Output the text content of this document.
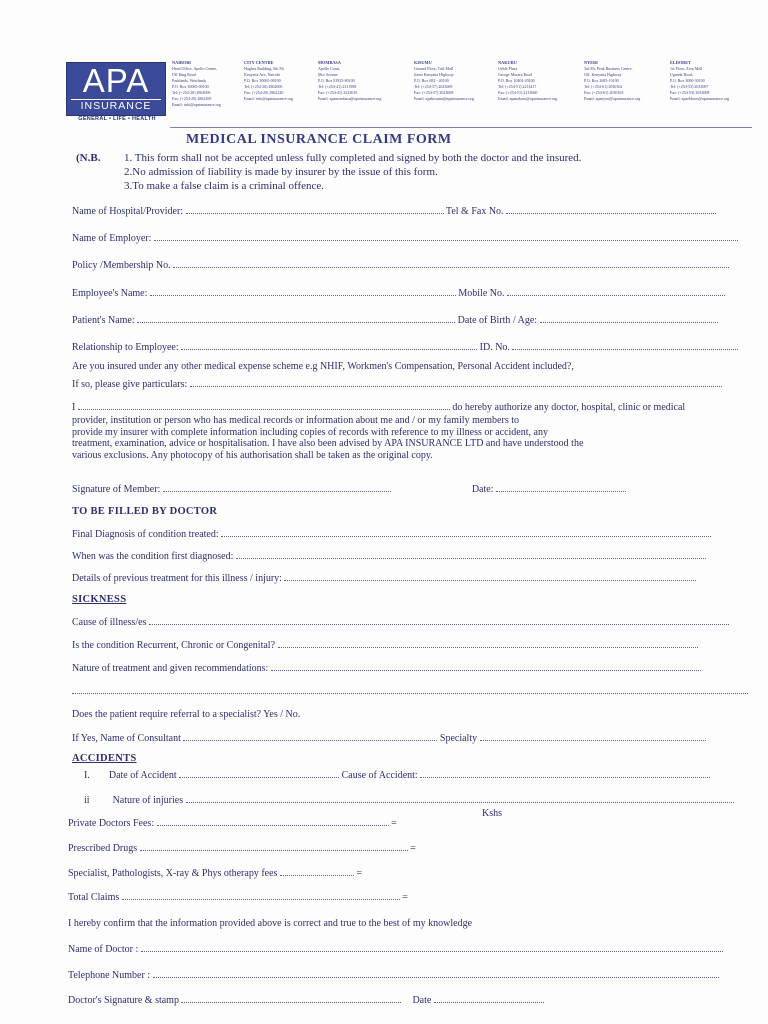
APA
INSURANCE
GENERAL • LIFE • HEALTH
NAIROBI
Head Office, Apollo Centre,
Off Ring Road
Parklands, Westlands
P.O. Box 30065-00100
Tel: (+254-20) 2862000
Fax: (+254-20) 2862200
Email: info@apainsurance.org
CITY CENTRE
Hughes Building, 6th Flr
Kenyatta Ave, Nairobi
P.O. Box 30065-00100
Tel: (+254-20) 2862000
Fax: (+254-20) 2862220
Email: info@apainsurance.org
MOMBASA
Apollo Court,
Moi Avenue
P.O. Box 81825-80100
Tel: (+254-41) 2311908
Fax: (+254-41) 2223016
Email: apamombasa@apainsurance.org
KISUMU
Ground Floor, Tuff Mall
Jomo Kenyatta Highway
P.O. Box 682 - 40100
Tel: (+254-57) 2023069
Fax: (+254-57) 2023068
Email: apakisumu@apainsurance.org
NAKURU
Oeble Plaza
George Morara Road
P.O. Box 10404-20100
Tel: (+254-51) 2213417
Fax: (+254-51) 2213660
Email: apanakuru@apainsurance.org
NYERI
3rd Flr, Peak Business Centre,
Off. Kenyatta Highway
P.O. Box 2685-10100
Tel: (+254-61) 2030102
Fax: (+254-61) 2030103
Email: apanyeri@apainsurance.org
ELDORET
1st Floor, Zion Mall
Uganda Road,
P.O. Box 3000-30100
Tel: (+254-53) 2033007
Fax: (+254-53) 2033008
Email: apaeldoret@apainsurance.org
MEDICAL INSURANCE CLAIM FORM
(N.B. 1. This form shall not be accepted unless fully completed and signed by both the doctor and the insured.
2.No admission of liability is made by insurer by the issue of this form.
3.To make a false claim is a criminal offence.
Name of Hospital/Provider:	Tel & Fax No.
Name of Employer:
Policy /Membership No.
Employee's Name:	Mobile No.
Patient's Name:	Date of Birth / Age:
Relationship to Employee:	ID. No.
Are you insured under any other medical expense scheme e.g NHIF, Workmen's Compensation, Personal Accident included?,
If so, please give particulars:
I	do hereby authorize any doctor, hospital, clinic or medical
provider, institution or person who has medical records or information about me and / or my family members to
provide my insurer with complete information including copies of records with reference to my illness or accident, any
treatment, examination, advice or hospitalisation. I have also been advised by APA INSURANCE LTD and have understood the
various exclusions. Any photocopy of his authorisation shall be taken as the original copy.
Signature of Member:	Date:
TO BE FILLED BY DOCTOR
Final Diagnosis of condition treated:
When was the condition first diagnosed:
Details of previous treatment for this illness / injury:
SICKNESS
Cause of illness/es
Is the condition Recurrent, Chronic or Congenital?
Nature of treatment and given recommendations:
Does the patient require referral to a specialist? Yes / No.
If Yes, Name of Consultant	Specialty
ACCIDENTS
I. Date of Accident	Cause of Accident:
ii Nature of injuries
Kshs
Private Doctors Fees:	=
Prescribed Drugs	=
Specialist, Pathologists, X-ray & Phys otherapy fees	=
Total Claims	=
I hereby confirm that the information provided above is correct and true to the best of my knowledge
Name of Doctor :
Telephone Number :
Doctor's Signature & stamp	Date
